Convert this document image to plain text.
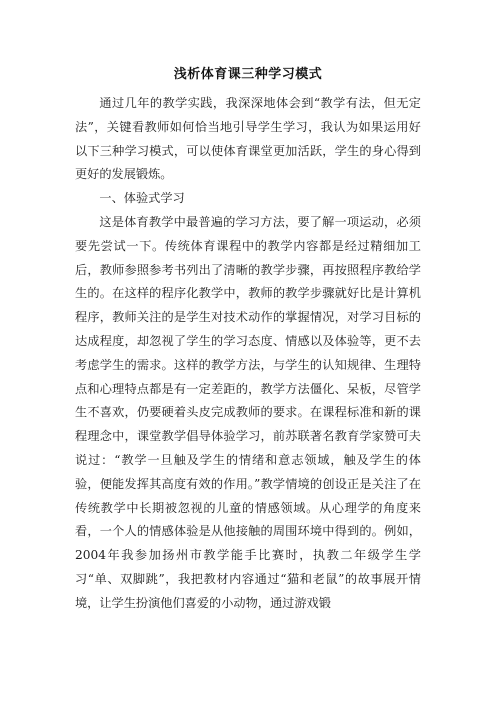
浅析体育课三种学习模式

通过几年的教学实践，我深深地体会到“教学有法，但无定法”，关键看教师如何恰当地引导学生学习，我认为如果运用好以下三种学习模式，可以使体育课堂更加活跃，学生的身心得到更好的发展锻炼。

一、体验式学习

这是体育教学中最普遍的学习方法，要了解一项运动，必须要先尝试一下。传统体育课程中的教学内容都是经过精细加工后，教师参照参考书列出了清晰的教学步骤，再按照程序教给学生的。在这样的程序化教学中，教师的教学步骤就好比是计算机程序，教师关注的是学生对技术动作的掌握情况，对学习目标的达成程度，却忽视了学生的学习态度、情感以及体验等，更不去考虑学生的需求。这样的教学方法，与学生的认知规律、生理特点和心理特点都是有一定差距的，教学方法僵化、呆板，尽管学生不喜欢，仍要硬着头皮完成教师的要求。在课程标准和新的课程理念中，课堂教学倡导体验学习，前苏联著名教育学家赞可夫说过：“教学一旦触及学生的情绪和意志领域，触及学生的体验，便能发挥其高度有效的作用。”教学情境的创设正是关注了在传统教学中长期被忽视的儿童的情感领域。从心理学的角度来看，一个人的情感体验是从他接触的周围环境中得到的。例如，2004年我参加扬州市教学能手比赛时，执教二年级学生学习“单、双脚跳”，我把教材内容通过“猫和老鼠”的故事展开情境，让学生扮演他们喜爱的小动物，通过游戏锻
